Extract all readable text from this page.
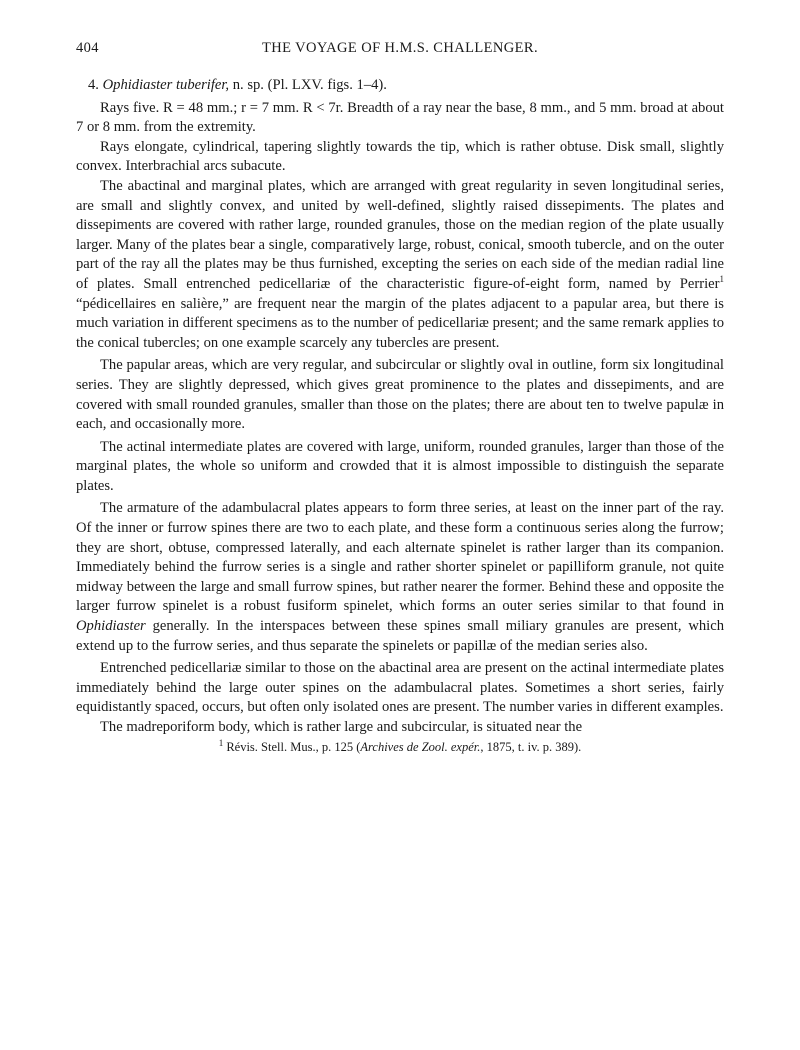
404	THE VOYAGE OF H.M.S. CHALLENGER.

4. Ophidiaster tuberifer, n. sp. (Pl. LXV. figs. 1–4).

Rays five. R = 48 mm.; r = 7 mm. R < 7r. Breadth of a ray near the base, 8 mm., and 5 mm. broad at about 7 or 8 mm. from the extremity.

Rays elongate, cylindrical, tapering slightly towards the tip, which is rather obtuse. Disk small, slightly convex. Interbrachial arcs subacute.

The abactinal and marginal plates, which are arranged with great regularity in seven longitudinal series, are small and slightly convex, and united by well-defined, slightly raised dissepiments. The plates and dissepiments are covered with rather large, rounded granules, those on the median region of the plate usually larger. Many of the plates bear a single, comparatively large, robust, conical, smooth tubercle, and on the outer part of the ray all the plates may be thus furnished, excepting the series on each side of the median radial line of plates. Small entrenched pedicellariæ of the characteristic figure-of-eight form, named by Perrier$^1$ “pédicellaires en salière,” are frequent near the margin of the plates adjacent to a papular area, but there is much variation in different specimens as to the number of pedicellariæ present; and the same remark applies to the conical tubercles; on one example scarcely any tubercles are present.

The papular areas, which are very regular, and subcircular or slightly oval in outline, form six longitudinal series. They are slightly depressed, which gives great prominence to the plates and dissepiments, and are covered with small rounded granules, smaller than those on the plates; there are about ten to twelve papulæ in each, and occasionally more.

The actinal intermediate plates are covered with large, uniform, rounded granules, larger than those of the marginal plates, the whole so uniform and crowded that it is almost impossible to distinguish the separate plates.

The armature of the adambulacral plates appears to form three series, at least on the inner part of the ray. Of the inner or furrow spines there are two to each plate, and these form a continuous series along the furrow; they are short, obtuse, compressed laterally, and each alternate spinelet is rather larger than its companion. Immediately behind the furrow series is a single and rather shorter spinelet or papilliform granule, not quite midway between the large and small furrow spines, but rather nearer the former. Behind these and opposite the larger furrow spinelet is a robust fusiform spinelet, which forms an outer series similar to that found in Ophidiaster generally. In the interspaces between these spines small miliary granules are present, which extend up to the furrow series, and thus separate the spinelets or papillæ of the median series also.

Entrenched pedicellariæ similar to those on the abactinal area are present on the actinal intermediate plates immediately behind the large outer spines on the adambulacral plates. Sometimes a short series, fairly equidistantly spaced, occurs, but often only isolated ones are present. The number varies in different examples.

The madreporiform body, which is rather large and subcircular, is situated near the

$^1$ Révis. Stell. Mus., p. 125 (Archives de Zool. expér., 1875, t. iv. p. 389).
